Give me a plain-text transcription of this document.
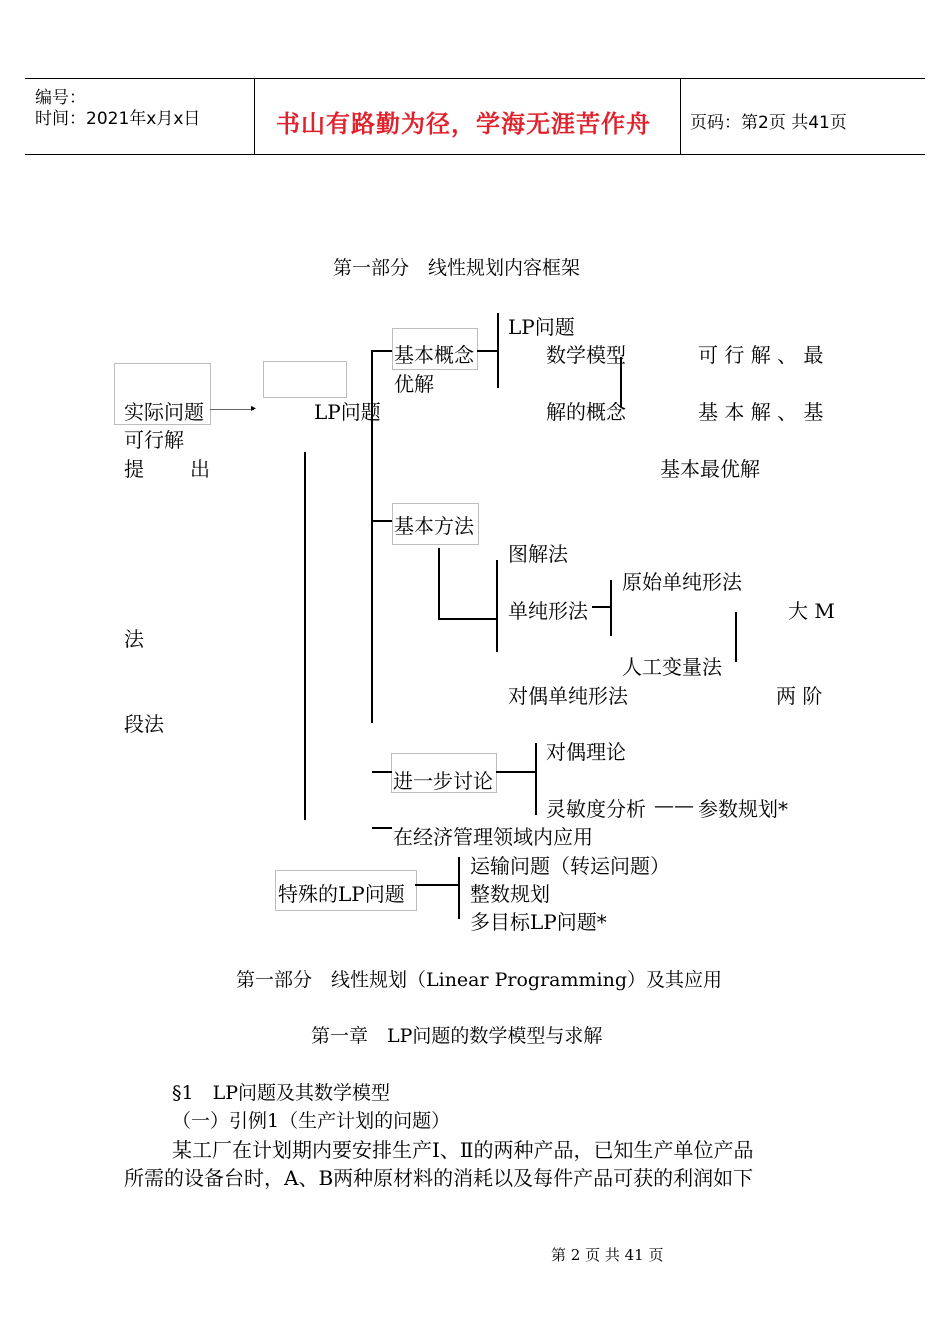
编号：
时间：2021年x月x日	书山有路勤为径，学海无涯苦作舟 页码：第2页 共41页
第一部分　线性规划内容框架
▸
实际问题
可行解
提 出
法
段法
LP问题
基本概念
优解
LP问题
数学模型	可 行 解 、 最
解的概念	基 本 解 、 基
基本最优解
基本方法
图解法
单纯形法
原始单纯形法
大 M
人工变量法
对偶单纯形法	两 阶
进一步讨论
对偶理论
灵敏度分析 —— 参数规划*
在经济管理领域内应用
特殊的LP问题
运输问题（转运问题）
整数规划
多目标LP问题*
第一部分　线性规划（Linear Programming）及其应用
第一章　LP问题的数学模型与求解
§1　LP问题及其数学模型
（一）引例1（生产计划的问题）
某工厂在计划期内要安排生产Ⅰ、Ⅱ的两种产品，已知生产单位产品
所需的设备台时，A、B两种原材料的消耗以及每件产品可获的利润如下
第 2 页 共 41 页
